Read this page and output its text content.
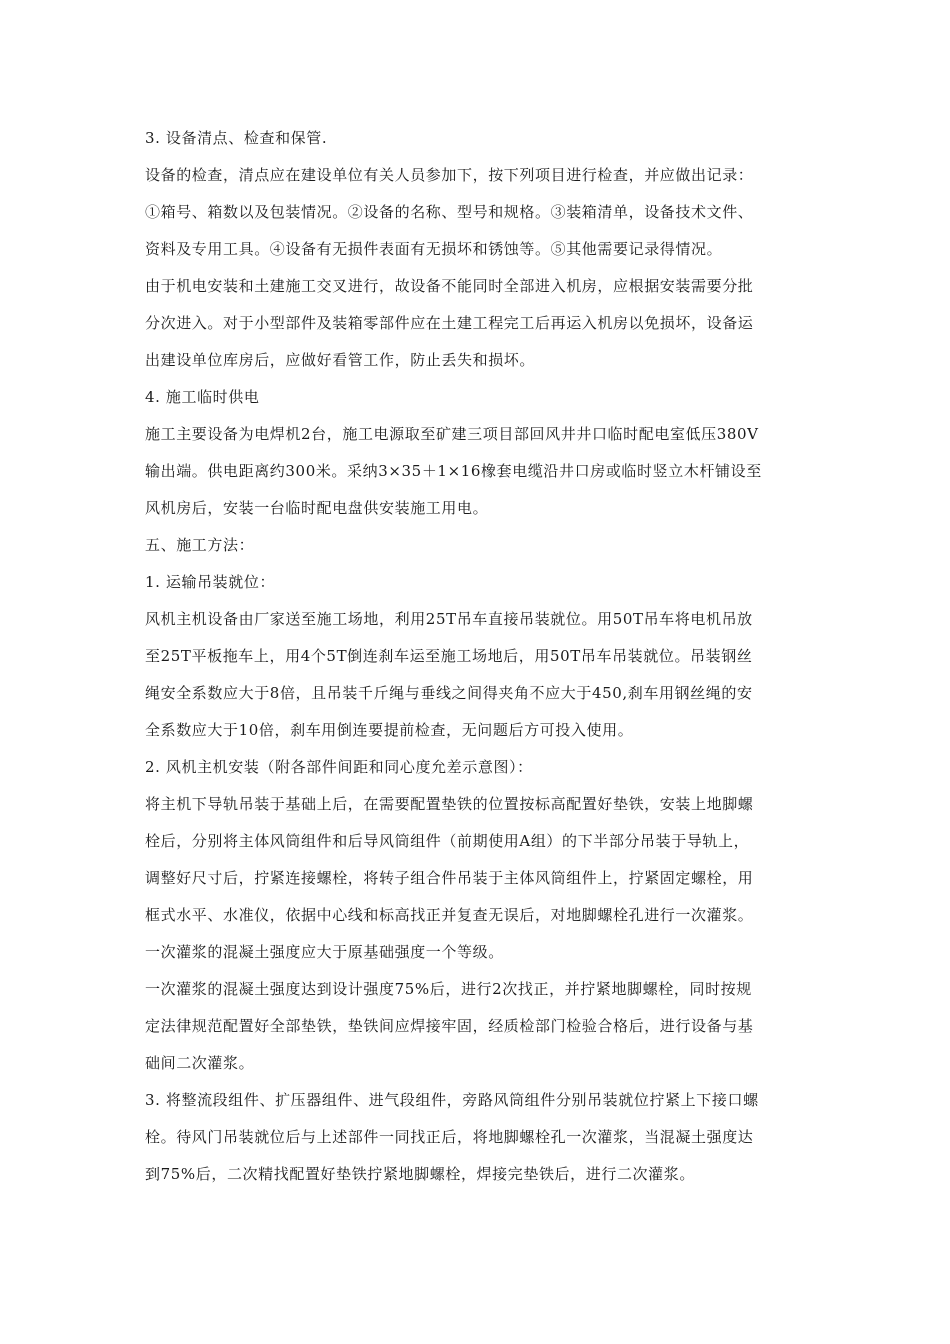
3. 设备清点、检查和保管.
设备的检查，清点应在建设单位有关人员参加下，按下列项目进行检查，并应做出记录：
①箱号、箱数以及包装情况。②设备的名称、型号和规格。③装箱清单，设备技术文件、
资料及专用工具。④设备有无损件表面有无损坏和锈蚀等。⑤其他需要记录得情况。
由于机电安装和土建施工交叉进行，故设备不能同时全部进入机房，应根据安装需要分批
分次进入。对于小型部件及装箱零部件应在土建工程完工后再运入机房以免损坏，设备运
出建设单位库房后，应做好看管工作，防止丢失和损坏。
4. 施工临时供电
施工主要设备为电焊机2台，施工电源取至矿建三项目部回风井井口临时配电室低压380V
输出端。供电距离约300米。采纳3×35＋1×16橡套电缆沿井口房或临时竖立木杆铺设至
风机房后，安装一台临时配电盘供安装施工用电。
五、施工方法：
1. 运输吊装就位：
风机主机设备由厂家送至施工场地，利用25T吊车直接吊装就位。用50T吊车将电机吊放
至25T平板拖车上，用4个5T倒连刹车运至施工场地后，用50T吊车吊装就位。吊装钢丝
绳安全系数应大于8倍，且吊装千斤绳与垂线之间得夹角不应大于450,刹车用钢丝绳的安
全系数应大于10倍，刹车用倒连要提前检查，无问题后方可投入使用。
2. 风机主机安装（附各部件间距和同心度允差示意图）：
将主机下导轨吊装于基础上后，在需要配置垫铁的位置按标高配置好垫铁，安装上地脚螺
栓后，分别将主体风筒组件和后导风筒组件（前期使用A组）的下半部分吊装于导轨上，
调整好尺寸后，拧紧连接螺栓，将转子组合件吊装于主体风筒组件上，拧紧固定螺栓，用
框式水平、水准仪，依据中心线和标高找正并复查无误后，对地脚螺栓孔进行一次灌浆。
一次灌浆的混凝土强度应大于原基础强度一个等级。
一次灌浆的混凝土强度达到设计强度75%后，进行2次找正，并拧紧地脚螺栓，同时按规
定法律规范配置好全部垫铁，垫铁间应焊接牢固，经质检部门检验合格后，进行设备与基
础间二次灌浆。
3. 将整流段组件、扩压器组件、进气段组件，旁路风筒组件分别吊装就位拧紧上下接口螺
栓。待风门吊装就位后与上述部件一同找正后，将地脚螺栓孔一次灌浆，当混凝土强度达
到75%后，二次精找配置好垫铁拧紧地脚螺栓，焊接完垫铁后，进行二次灌浆。
